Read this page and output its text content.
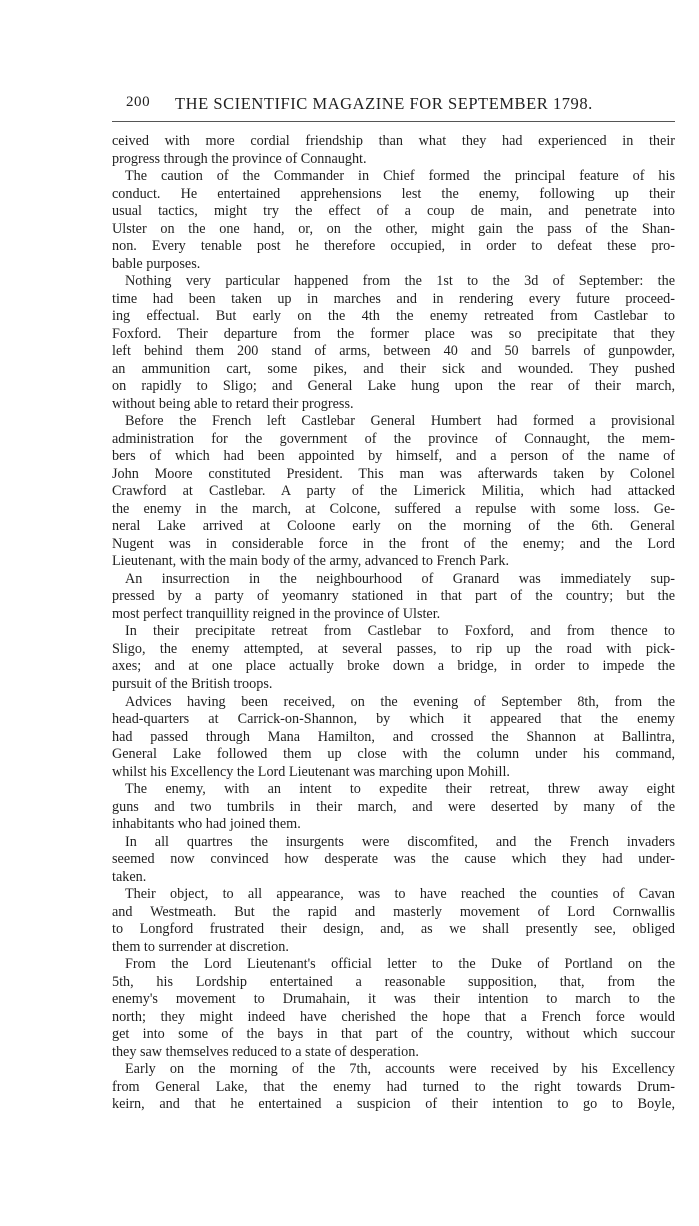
200 THE SCIENTIFIC MAGAZINE FOR SEPTEMBER 1798.
ceived with more cordial friendship than what they had experienced in their
progress through the province of Connaught.
The caution of the Commander in Chief formed the principal feature of his
conduct. He entertained apprehensions lest the enemy, following up their
usual tactics, might try the effect of a coup de main, and penetrate into
Ulster on the one hand, or, on the other, might gain the pass of the Shan-
non. Every tenable post he therefore occupied, in order to defeat these pro-
bable purposes.
Nothing very particular happened from the 1st to the 3d of September: the
time had been taken up in marches and in rendering every future proceed-
ing effectual. But early on the 4th the enemy retreated from Castlebar to
Foxford. Their departure from the former place was so precipitate that they
left behind them 200 stand of arms, between 40 and 50 barrels of gunpowder,
an ammunition cart, some pikes, and their sick and wounded. They pushed
on rapidly to Sligo; and General Lake hung upon the rear of their march,
without being able to retard their progress.
Before the French left Castlebar General Humbert had formed a provisional
administration for the government of the province of Connaught, the mem-
bers of which had been appointed by himself, and a person of the name of
John Moore constituted President. This man was afterwards taken by Colonel
Crawford at Castlebar. A party of the Limerick Militia, which had attacked
the enemy in the march, at Colcone, suffered a repulse with some loss. Ge-
neral Lake arrived at Coloone early on the morning of the 6th. General
Nugent was in considerable force in the front of the enemy; and the Lord
Lieutenant, with the main body of the army, advanced to French Park.
An insurrection in the neighbourhood of Granard was immediately sup-
pressed by a party of yeomanry stationed in that part of the country; but the
most perfect tranquillity reigned in the province of Ulster.
In their precipitate retreat from Castlebar to Foxford, and from thence to
Sligo, the enemy attempted, at several passes, to rip up the road with pick-
axes; and at one place actually broke down a bridge, in order to impede the
pursuit of the British troops.
Advices having been received, on the evening of September 8th, from the
head-quarters at Carrick-on-Shannon, by which it appeared that the enemy
had passed through Mana Hamilton, and crossed the Shannon at Ballintra,
General Lake followed them up close with the column under his command,
whilst his Excellency the Lord Lieutenant was marching upon Mohill.
The enemy, with an intent to expedite their retreat, threw away eight
guns and two tumbrils in their march, and were deserted by many of the
inhabitants who had joined them.
In all quartres the insurgents were discomfited, and the French invaders
seemed now convinced how desperate was the cause which they had under-
taken.
Their object, to all appearance, was to have reached the counties of Cavan
and Westmeath. But the rapid and masterly movement of Lord Cornwallis
to Longford frustrated their design, and, as we shall presently see, obliged
them to surrender at discretion.
From the Lord Lieutenant's official letter to the Duke of Portland on the
5th, his Lordship entertained a reasonable supposition, that, from the
enemy's movement to Drumahain, it was their intention to march to the
north; they might indeed have cherished the hope that a French force would
get into some of the bays in that part of the country, without which succour
they saw themselves reduced to a state of desperation.
Early on the morning of the 7th, accounts were received by his Excellency
from General Lake, that the enemy had turned to the right towards Drum-
keirn, and that he entertained a suspicion of their intention to go to Boyle,
